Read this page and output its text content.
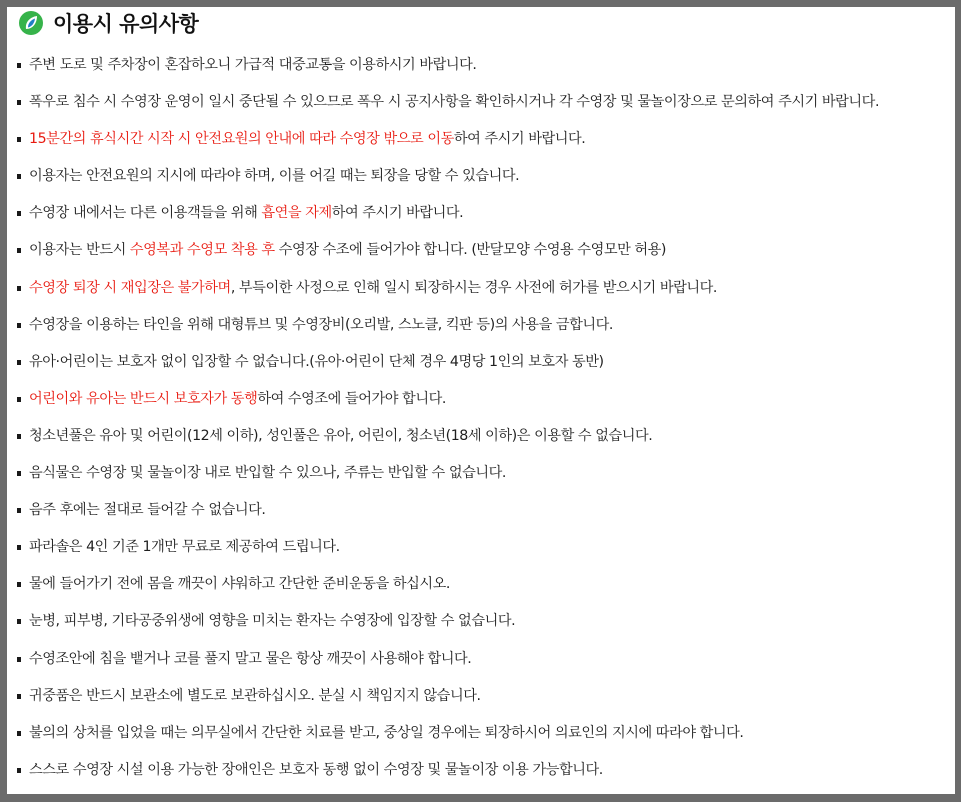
이용시 유의사항
주변 도로 및 주차장이 혼잡하오니 가급적 대중교통을 이용하시기 바랍니다.
폭우로 침수 시 수영장 운영이 일시 중단될 수 있으므로 폭우 시 공지사항을 확인하시거나 각 수영장 및 물놀이장으로 문의하여 주시기 바랍니다.
15분간의 휴식시간 시작 시 안전요원의 안내에 따라 수영장 밖으로 이동하여 주시기 바랍니다.
이용자는 안전요원의 지시에 따라야 하며, 이를 어길 때는 퇴장을 당할 수 있습니다.
수영장 내에서는 다른 이용객들을 위해 흡연을 자제하여 주시기 바랍니다.
이용자는 반드시 수영복과 수영모 착용 후 수영장 수조에 들어가야 합니다. (반달모양 수영용 수영모만 허용)
수영장 퇴장 시 재입장은 불가하며, 부득이한 사정으로 인해 일시 퇴장하시는 경우 사전에 허가를 받으시기 바랍니다.
수영장을 이용하는 타인을 위해 대형튜브 및 수영장비(오리발, 스노클, 킥판 등)의 사용을 금합니다.
유아·어린이는 보호자 없이 입장할 수 없습니다.(유아·어린이 단체 경우 4명당 1인의 보호자 동반)
어린이와 유아는 반드시 보호자가 동행하여 수영조에 들어가야 합니다.
청소년풀은 유아 및 어린이(12세 이하), 성인풀은 유아, 어린이, 청소년(18세 이하)은 이용할 수 없습니다.
음식물은 수영장 및 물놀이장 내로 반입할 수 있으나, 주류는 반입할 수 없습니다.
음주 후에는 절대로 들어갈 수 없습니다.
파라솔은 4인 기준 1개만 무료로 제공하여 드립니다.
물에 들어가기 전에 몸을 깨끗이 샤워하고 간단한 준비운동을 하십시오.
눈병, 피부병, 기타공중위생에 영향을 미치는 환자는 수영장에 입장할 수 없습니다.
수영조안에 침을 뱉거나 코를 풀지 말고 물은 항상 깨끗이 사용해야 합니다.
귀중품은 반드시 보관소에 별도로 보관하십시오. 분실 시 책임지지 않습니다.
불의의 상처를 입었을 때는 의무실에서 간단한 치료를 받고, 중상일 경우에는 퇴장하시어 의료인의 지시에 따라야 합니다.
스스로 수영장 시설 이용 가능한 장애인은 보호자 동행 없이 수영장 및 물놀이장 이용 가능합니다.
